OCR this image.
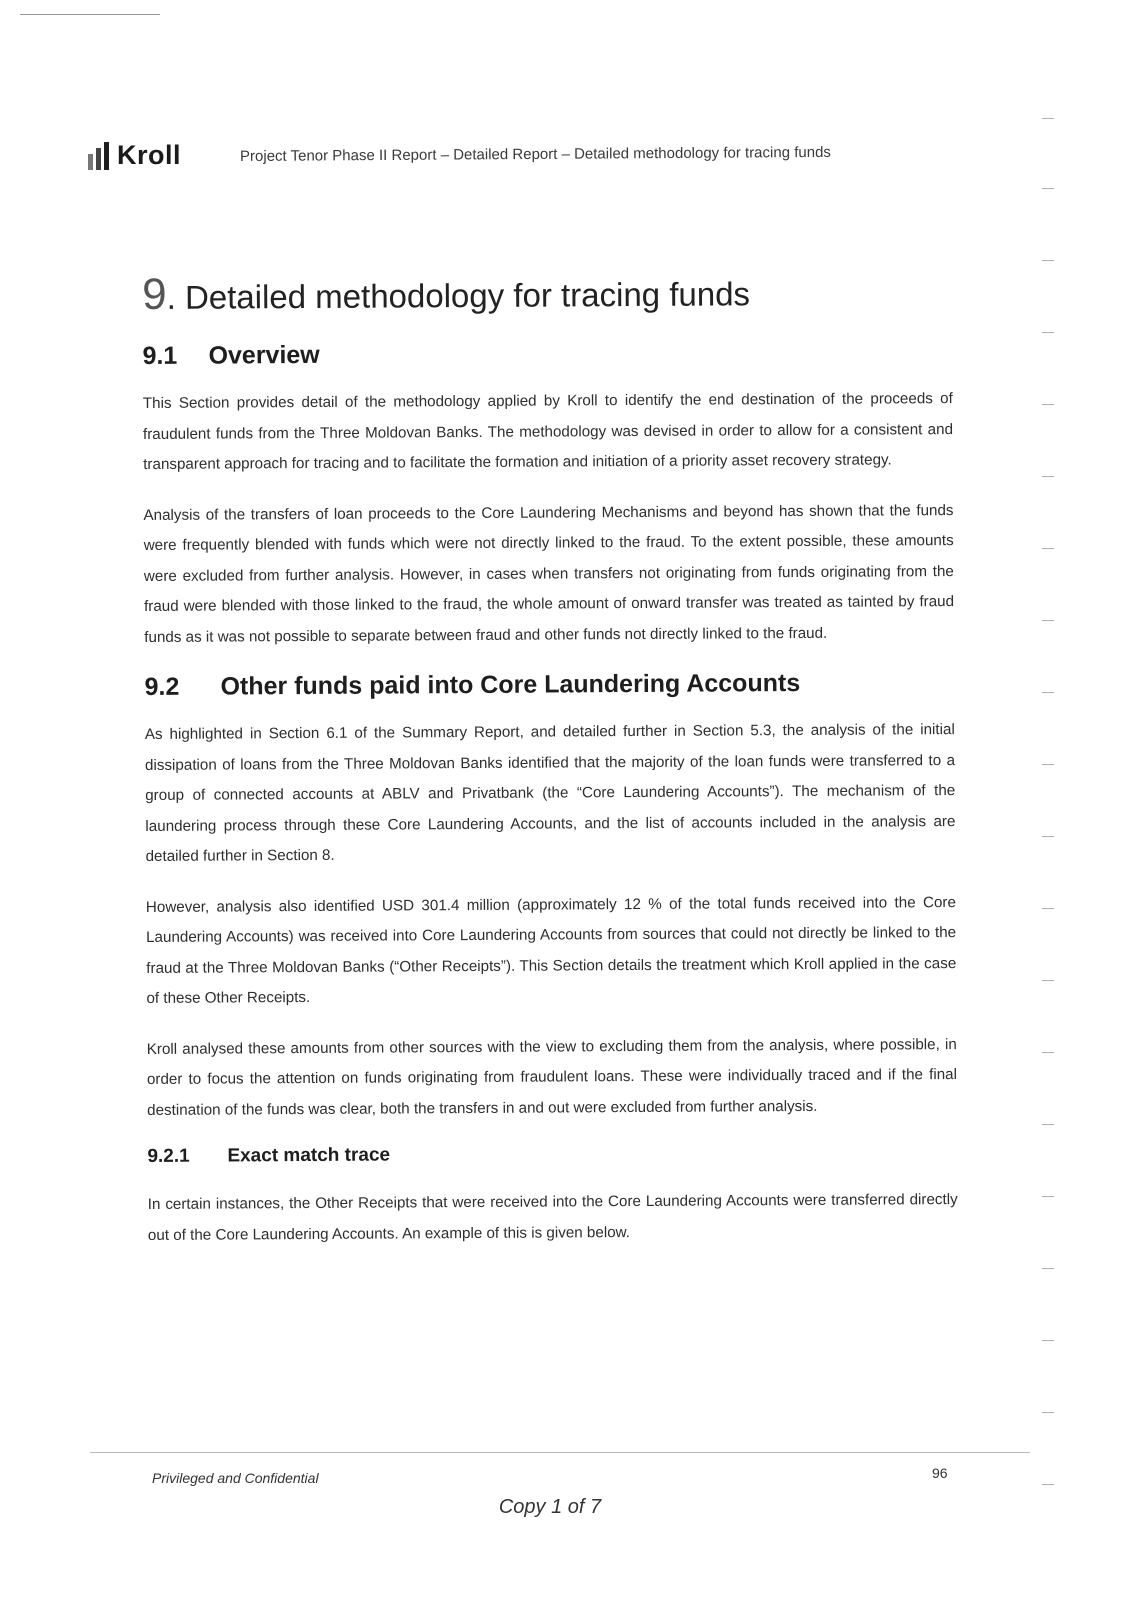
Kroll	Project Tenor Phase II Report – Detailed Report – Detailed methodology for tracing funds
9. Detailed methodology for tracing funds
9.1 Overview

This Section provides detail of the methodology applied by Kroll to identify the end destination of the proceeds of fraudulent funds from the Three Moldovan Banks. The methodology was devised in order to allow for a consistent and transparent approach for tracing and to facilitate the formation and initiation of a priority asset recovery strategy.

Analysis of the transfers of loan proceeds to the Core Laundering Mechanisms and beyond has shown that the funds were frequently blended with funds which were not directly linked to the fraud. To the extent possible, these amounts were excluded from further analysis. However, in cases when transfers not originating from funds originating from the fraud were blended with those linked to the fraud, the whole amount of onward transfer was treated as tainted by fraud funds as it was not possible to separate between fraud and other funds not directly linked to the fraud.

9.2 Other funds paid into Core Laundering Accounts

As highlighted in Section 6.1 of the Summary Report, and detailed further in Section 5.3, the analysis of the initial dissipation of loans from the Three Moldovan Banks identified that the majority of the loan funds were transferred to a group of connected accounts at ABLV and Privatbank (the “Core Laundering Accounts”). The mechanism of the laundering process through these Core Laundering Accounts, and the list of accounts included in the analysis are detailed further in Section 8.

However, analysis also identified USD 301.4 million (approximately 12 % of the total funds received into the Core Laundering Accounts) was received into Core Laundering Accounts from sources that could not directly be linked to the fraud at the Three Moldovan Banks (“Other Receipts”). This Section details the treatment which Kroll applied in the case of these Other Receipts.

Kroll analysed these amounts from other sources with the view to excluding them from the analysis, where possible, in order to focus the attention on funds originating from fraudulent loans. These were individually traced and if the final destination of the funds was clear, both the transfers in and out were excluded from further analysis.

9.2.1 Exact match trace

In certain instances, the Other Receipts that were received into the Core Laundering Accounts were transferred directly out of the Core Laundering Accounts. An example of this is given below.

Privileged and Confidential	96
Copy 1 of 7
